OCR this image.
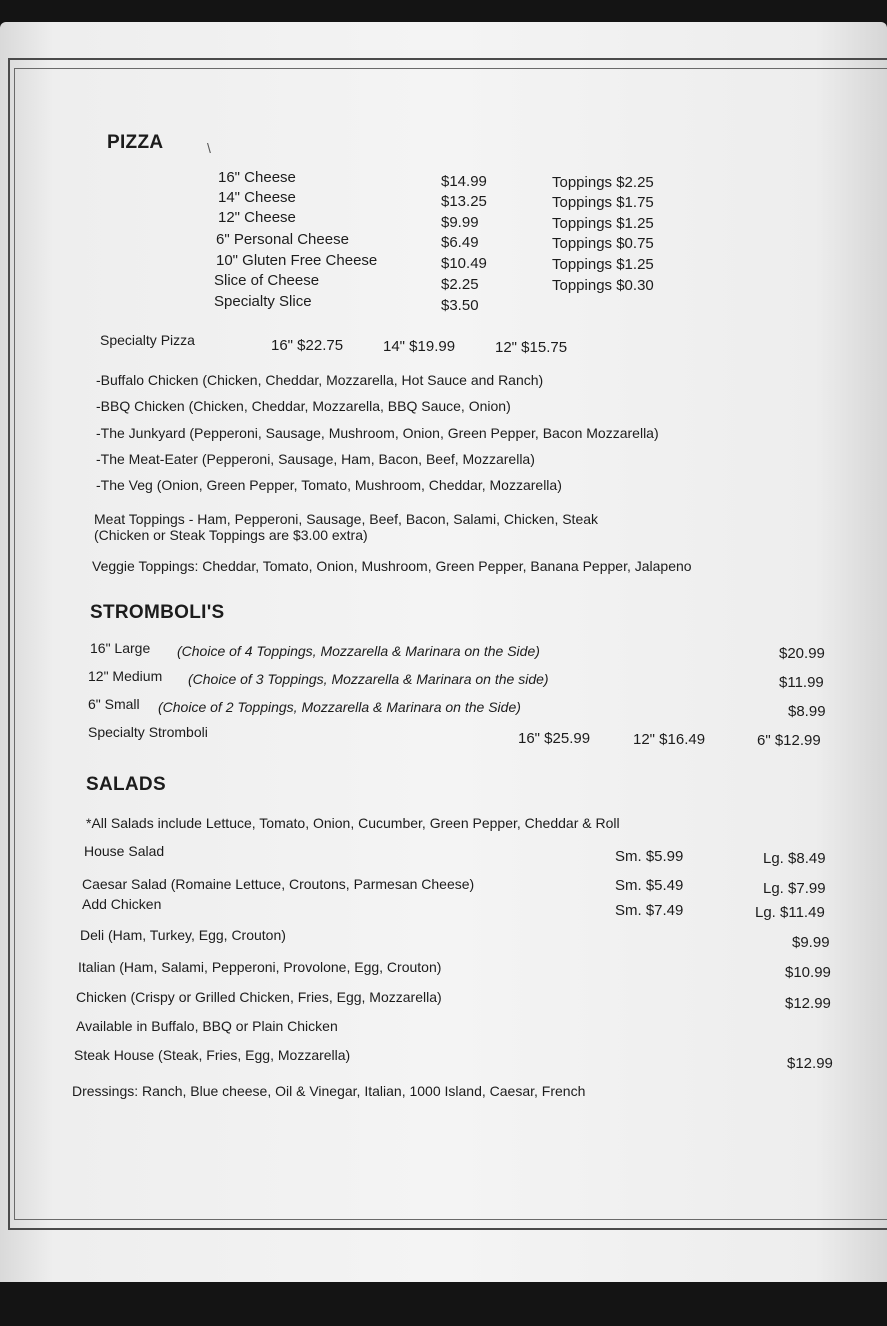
PIZZA	\
16" Cheese	$14.99	Toppings $2.25
14" Cheese	$13.25	Toppings $1.75
12" Cheese	$9.99	Toppings $1.25
6" Personal Cheese	$6.49	Toppings $0.75
10" Gluten Free Cheese	$10.49	Toppings $1.25
Slice of Cheese	$2.25	Toppings $0.30
Specialty Slice	$3.50
Specialty Pizza	16" $22.75	14" $19.99	12" $15.75
-Buffalo Chicken (Chicken, Cheddar, Mozzarella, Hot Sauce and Ranch)
-BBQ Chicken (Chicken, Cheddar, Mozzarella, BBQ Sauce, Onion)
-The Junkyard (Pepperoni, Sausage, Mushroom, Onion, Green Pepper, Bacon Mozzarella)
-The Meat-Eater (Pepperoni, Sausage, Ham, Bacon, Beef, Mozzarella)
-The Veg (Onion, Green Pepper, Tomato, Mushroom, Cheddar, Mozzarella)
Meat Toppings - Ham, Pepperoni, Sausage, Beef, Bacon, Salami, Chicken, Steak
(Chicken or Steak Toppings are $3.00 extra)
Veggie Toppings: Cheddar, Tomato, Onion, Mushroom, Green Pepper, Banana Pepper, Jalapeno
STROMBOLI'S
16" Large (Choice of 4 Toppings, Mozzarella & Marinara on the Side)	$20.99
12" Medium (Choice of 3 Toppings, Mozzarella & Marinara on the side)	$11.99
6" Small (Choice of 2 Toppings, Mozzarella & Marinara on the Side)	$8.99
Specialty Stromboli	16" $25.99	12" $16.49	6" $12.99
SALADS
*All Salads include Lettuce, Tomato, Onion, Cucumber, Green Pepper, Cheddar & Roll
House Salad	Sm. $5.99	Lg. $8.49
Caesar Salad (Romaine Lettuce, Croutons, Parmesan Cheese)	Sm. $5.49	Lg. $7.99
Add Chicken	Sm. $7.49	Lg. $11.49
Deli (Ham, Turkey, Egg, Crouton)	$9.99
Italian (Ham, Salami, Pepperoni, Provolone, Egg, Crouton)	$10.99
Chicken (Crispy or Grilled Chicken, Fries, Egg, Mozzarella)	$12.99
Available in Buffalo, BBQ or Plain Chicken
Steak House (Steak, Fries, Egg, Mozzarella)	$12.99
Dressings: Ranch, Blue cheese, Oil & Vinegar, Italian, 1000 Island, Caesar, French
